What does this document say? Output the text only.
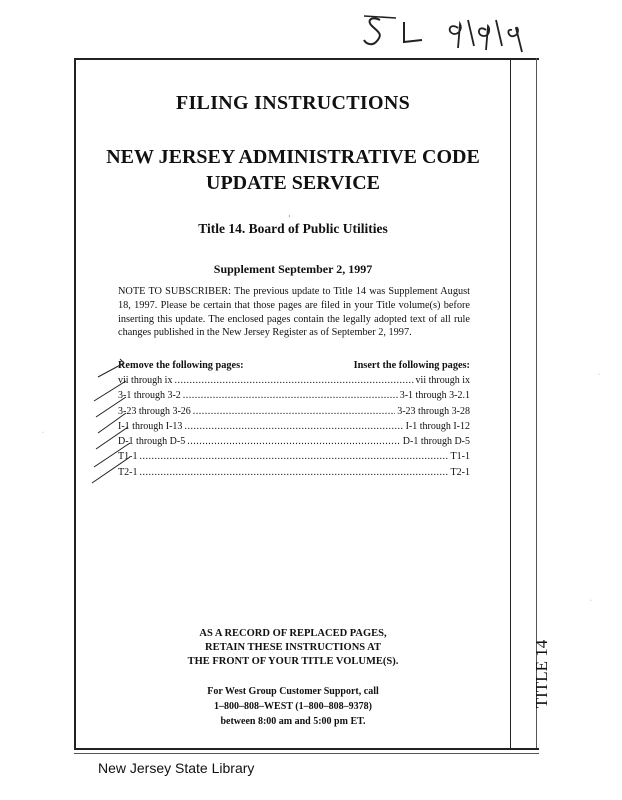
FILING INSTRUCTIONS
NEW JERSEY ADMINISTRATIVE CODE
UPDATE SERVICE
·
Title 14. Board of Public Utilities
Supplement September 2, 1997
NOTE TO SUBSCRIBER: The previous update to Title 14 was Supplement August 18, 1997. Please be certain that those pages are filed in your Title volume(s) before inserting this update. The enclosed pages contain the legally adopted text of all rule changes published in the New Jersey Register as of September 2, 1997.
Remove the following pages:	Insert the following pages:
vii through ix .....	vii through ix
3-1 through 3-2 .....	3-1 through 3-2.1
3-23 through 3-26 .....	3-23 through 3-28
I-1 through I-13 .....	I-1 through I-12
D-1 through D-5 .....	D-1 through D-5
T1-1 .....	T1-1
T2-1 .....	T2-1
AS A RECORD OF REPLACED PAGES,
RETAIN THESE INSTRUCTIONS AT
THE FRONT OF YOUR TITLE VOLUME(S).
For West Group Customer Support, call
1–800–808–WEST (1–800–808–9378)
between 8:00 am and 5:00 pm ET.
TITLE 14
New Jersey State Library
·
·
·
